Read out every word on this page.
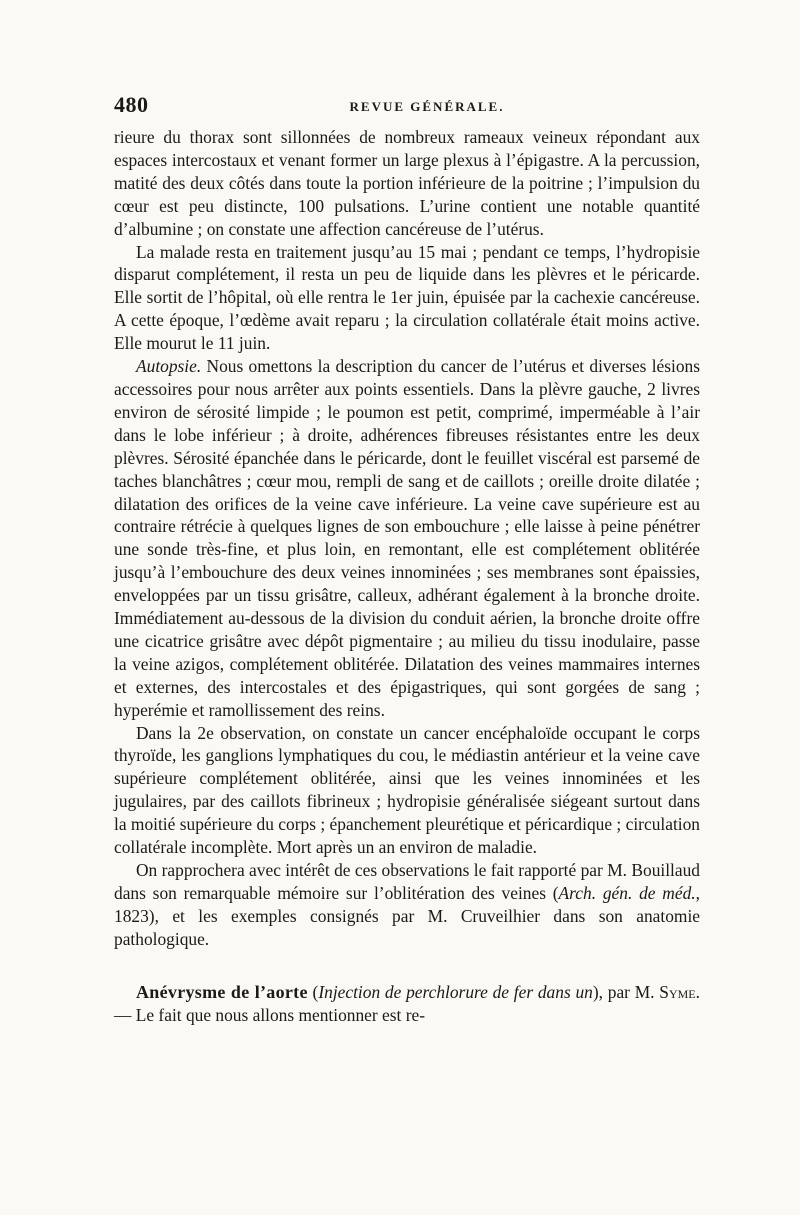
480	REVUE GÉNÉRALE.

rieure du thorax sont sillonnées de nombreux rameaux veineux répondant aux espaces intercostaux et venant former un large plexus à l’épigastre. A la percussion, matité des deux côtés dans toute la portion inférieure de la poitrine ; l’impulsion du cœur est peu distincte, 100 pulsations. L’urine contient une notable quantité d’albumine ; on constate une affection cancéreuse de l’utérus.

La malade resta en traitement jusqu’au 15 mai ; pendant ce temps, l’hydropisie disparut complétement, il resta un peu de liquide dans les plèvres et le péricarde. Elle sortit de l’hôpital, où elle rentra le 1er juin, épuisée par la cachexie cancéreuse. A cette époque, l’œdème avait reparu ; la circulation collatérale était moins active. Elle mourut le 11 juin.

Autopsie. Nous omettons la description du cancer de l’utérus et diverses lésions accessoires pour nous arrêter aux points essentiels. Dans la plèvre gauche, 2 livres environ de sérosité limpide ; le poumon est petit, comprimé, imperméable à l’air dans le lobe inférieur ; à droite, adhérences fibreuses résistantes entre les deux plèvres. Sérosité épanchée dans le péricarde, dont le feuillet viscéral est parsemé de taches blanchâtres ; cœur mou, rempli de sang et de caillots ; oreille droite dilatée ; dilatation des orifices de la veine cave inférieure. La veine cave supérieure est au contraire rétrécie à quelques lignes de son embouchure ; elle laisse à peine pénétrer une sonde très-fine, et plus loin, en remontant, elle est complétement oblitérée jusqu’à l’embouchure des deux veines innominées ; ses membranes sont épaissies, enveloppées par un tissu grisâtre, calleux, adhérant également à la bronche droite. Immédiatement au-dessous de la division du conduit aérien, la bronche droite offre une cicatrice grisâtre avec dépôt pigmentaire ; au milieu du tissu inodulaire, passe la veine azigos, complétement oblitérée. Dilatation des veines mammaires internes et externes, des intercostales et des épigastriques, qui sont gorgées de sang ; hyperémie et ramollissement des reins.

Dans la 2e observation, on constate un cancer encéphaloïde occupant le corps thyroïde, les ganglions lymphatiques du cou, le médiastin antérieur et la veine cave supérieure complétement oblitérée, ainsi que les veines innominées et les jugulaires, par des caillots fibrineux ; hydropisie généralisée siégeant surtout dans la moitié supérieure du corps ; épanchement pleurétique et péricardique ; circulation collatérale incomplète. Mort après un an environ de maladie.

On rapprochera avec intérêt de ces observations le fait rapporté par M. Bouillaud dans son remarquable mémoire sur l’oblitération des veines (Arch. gén. de méd., 1823), et les exemples consignés par M. Cruveilhier dans son anatomie pathologique.

Anévrysme de l’aorte (Injection de perchlorure de fer dans un), par M. Syme. — Le fait que nous allons mentionner est re-
